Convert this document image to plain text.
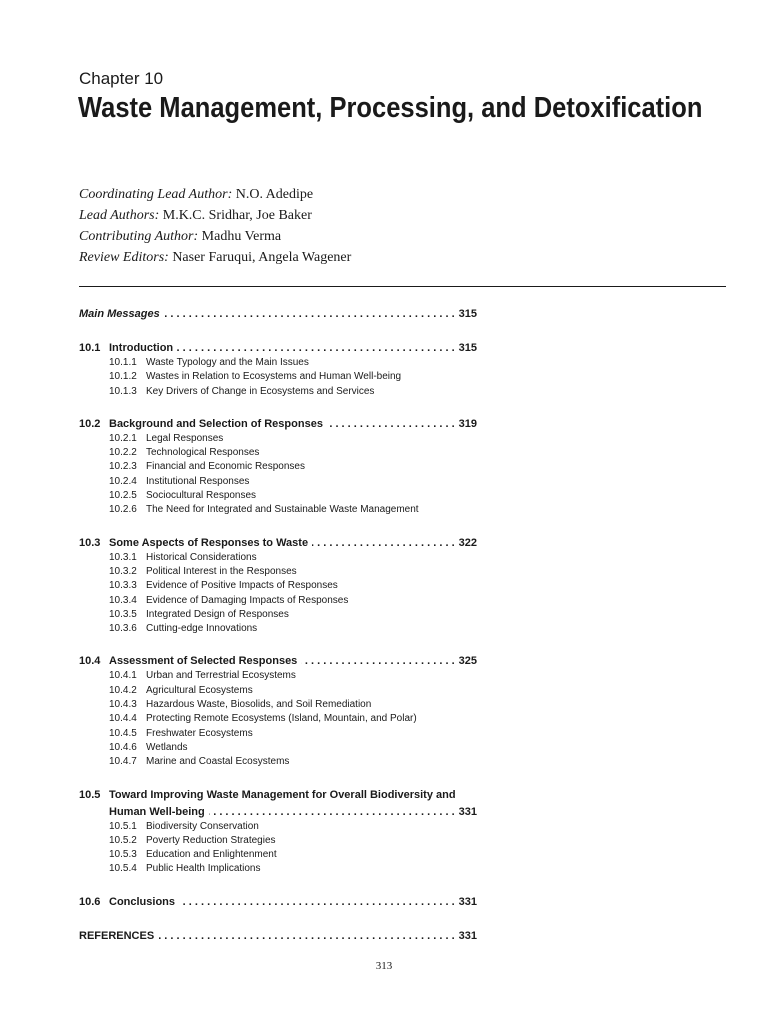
Chapter 10
Waste Management, Processing, and Detoxification
Coordinating Lead Author: N.O. Adedipe
Lead Authors: M.K.C. Sridhar, Joe Baker
Contributing Author: Madhu Verma
Review Editors: Naser Faruqui, Angela Wagener
Main Messages . . .	315
10.1 Introduction . . .	315
10.1.1 Waste Typology and the Main Issues
10.1.2 Wastes in Relation to Ecosystems and Human Well-being
10.1.3 Key Drivers of Change in Ecosystems and Services
10.2 Background and Selection of Responses . . .	319
10.2.1 Legal Responses
10.2.2 Technological Responses
10.2.3 Financial and Economic Responses
10.2.4 Institutional Responses
10.2.5 Sociocultural Responses
10.2.6 The Need for Integrated and Sustainable Waste Management
10.3 Some Aspects of Responses to Waste . . .	322
10.3.1 Historical Considerations
10.3.2 Political Interest in the Responses
10.3.3 Evidence of Positive Impacts of Responses
10.3.4 Evidence of Damaging Impacts of Responses
10.3.5 Integrated Design of Responses
10.3.6 Cutting-edge Innovations
10.4 Assessment of Selected Responses . . .	325
10.4.1 Urban and Terrestrial Ecosystems
10.4.2 Agricultural Ecosystems
10.4.3 Hazardous Waste, Biosolids, and Soil Remediation
10.4.4 Protecting Remote Ecosystems (Island, Mountain, and Polar)
10.4.5 Freshwater Ecosystems
10.4.6 Wetlands
10.4.7 Marine and Coastal Ecosystems
10.5 Toward Improving Waste Management for Overall Biodiversity and
Human Well-being . . .	331
10.5.1 Biodiversity Conservation
10.5.2 Poverty Reduction Strategies
10.5.3 Education and Enlightenment
10.5.4 Public Health Implications
10.6 Conclusions . . .	331
REFERENCES . . .	331
313
